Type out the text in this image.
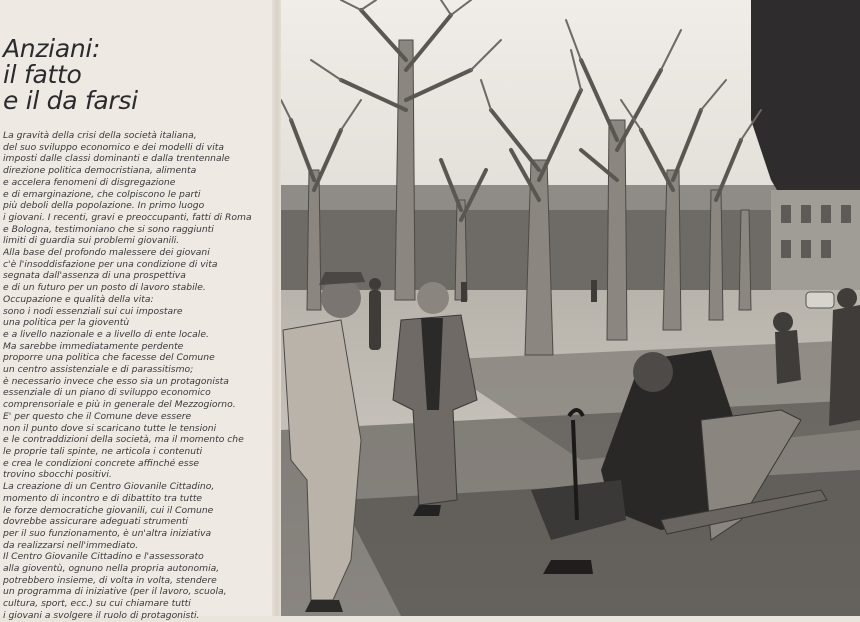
Anziani:
il fatto
e il da farsi
La gravità della crisi della società italiana,
del suo sviluppo economico e dei modelli di vita
imposti dalle classi dominanti e dalla trentennale
direzione politica democristiana, alimenta
e accelera fenomeni di disgregazione
e di emarginazione, che colpiscono le parti
più deboli della popolazione. In primo luogo
i giovani. I recenti, gravi e preoccupanti, fatti di Roma
e Bologna, testimoniano che si sono raggiunti
limiti di guardia sui problemi giovanili.
Alla base del profondo malessere dei giovani
c'è l'insoddisfazione per una condizione di vita
segnata dall'assenza di una prospettiva
e di un futuro per un posto di lavoro stabile.
Occupazione e qualità della vita:
sono i nodi essenziali sui cui impostare
una politica per la gioventù
e a livello nazionale e a livello di ente locale.
Ma sarebbe immediatamente perdente
proporre una politica che facesse del Comune
un centro assistenziale e di parassitismo;
è necessario invece che esso sia un protagonista
essenziale di un piano di sviluppo economico
comprensoriale e più in generale del Mezzogiorno.
E' per questo che il Comune deve essere
non il punto dove si scaricano tutte le tensioni
e le contraddizioni della società, ma il momento che
le proprie tali spinte, ne articola i contenuti
e crea le condizioni concrete affinché esse
trovino sbocchi positivi.
La creazione di un Centro Giovanile Cittadino,
momento di incontro e di dibattito tra tutte
le forze democratiche giovanili, cui il Comune
dovrebbe assicurare adeguati strumenti
per il suo funzionamento, è un'altra iniziativa
da realizzarsi nell'immediato.
Il Centro Giovanile Cittadino e l'assessorato
alla gioventù, ognuno nella propria autonomia,
potrebbero insieme, di volta in volta, stendere
un programma di iniziative (per il lavoro, scuola,
cultura, sport, ecc.) su cui chiamare tutti
i giovani a svolgere il ruolo di protagonisti.
